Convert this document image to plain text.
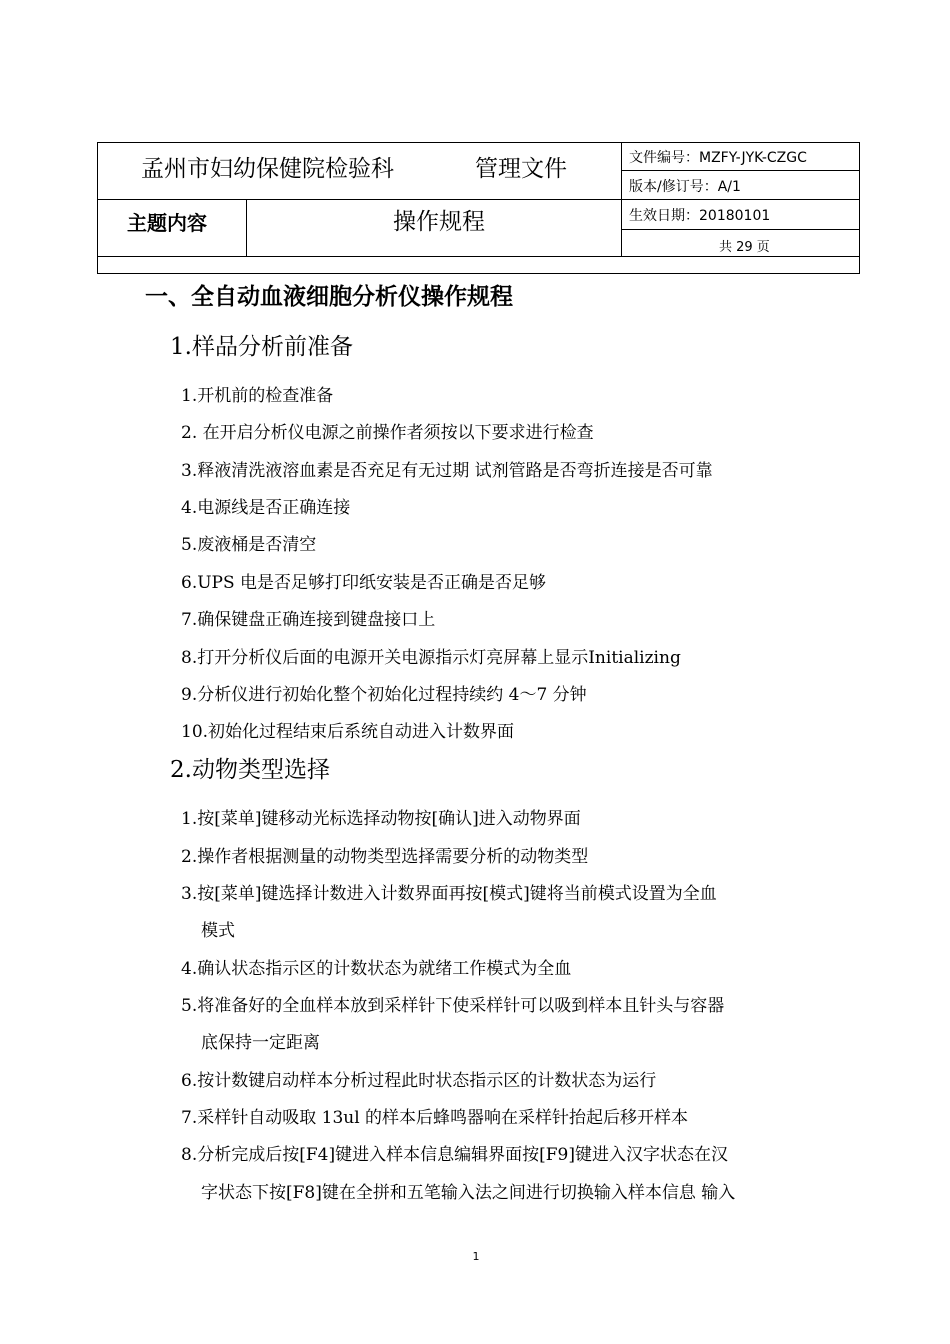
孟州市妇幼保健院检验科	管理文件	文件编号：MZFY-JYK-CZGC
版本/修订号：A/1
主题内容	操作规程	生效日期：20180101
共 29 页
一、全自动血液细胞分析仪操作规程
1.样品分析前准备
1.开机前的检查准备
2. 在开启分析仪电源之前操作者须按以下要求进行检查
3.释液清洗液溶血素是否充足有无过期 试剂管路是否弯折连接是否可靠
4.电源线是否正确连接
5.废液桶是否清空
6.UPS 电是否足够打印纸安装是否正确是否足够
7.确保键盘正确连接到键盘接口上
8.打开分析仪后面的电源开关电源指示灯亮屏幕上显示Initializing
9.分析仪进行初始化整个初始化过程持续约 4～7 分钟
10.初始化过程结束后系统自动进入计数界面
2.动物类型选择
1.按[菜单]键移动光标选择动物按[确认]进入动物界面
2.操作者根据测量的动物类型选择需要分析的动物类型
3.按[菜单]键选择计数进入计数界面再按[模式]键将当前模式设置为全血
模式
4.确认状态指示区的计数状态为就绪工作模式为全血
5.将准备好的全血样本放到采样针下使采样针可以吸到样本且针头与容器
底保持一定距离
6.按计数键启动样本分析过程此时状态指示区的计数状态为运行
7.采样针自动吸取 13ul 的样本后蜂鸣器响在采样针抬起后移开样本
8.分析完成后按[F4]键进入样本信息编辑界面按[F9]键进入汉字状态在汉
字状态下按[F8]键在全拼和五笔输入法之间进行切换输入样本信息 输入
1
